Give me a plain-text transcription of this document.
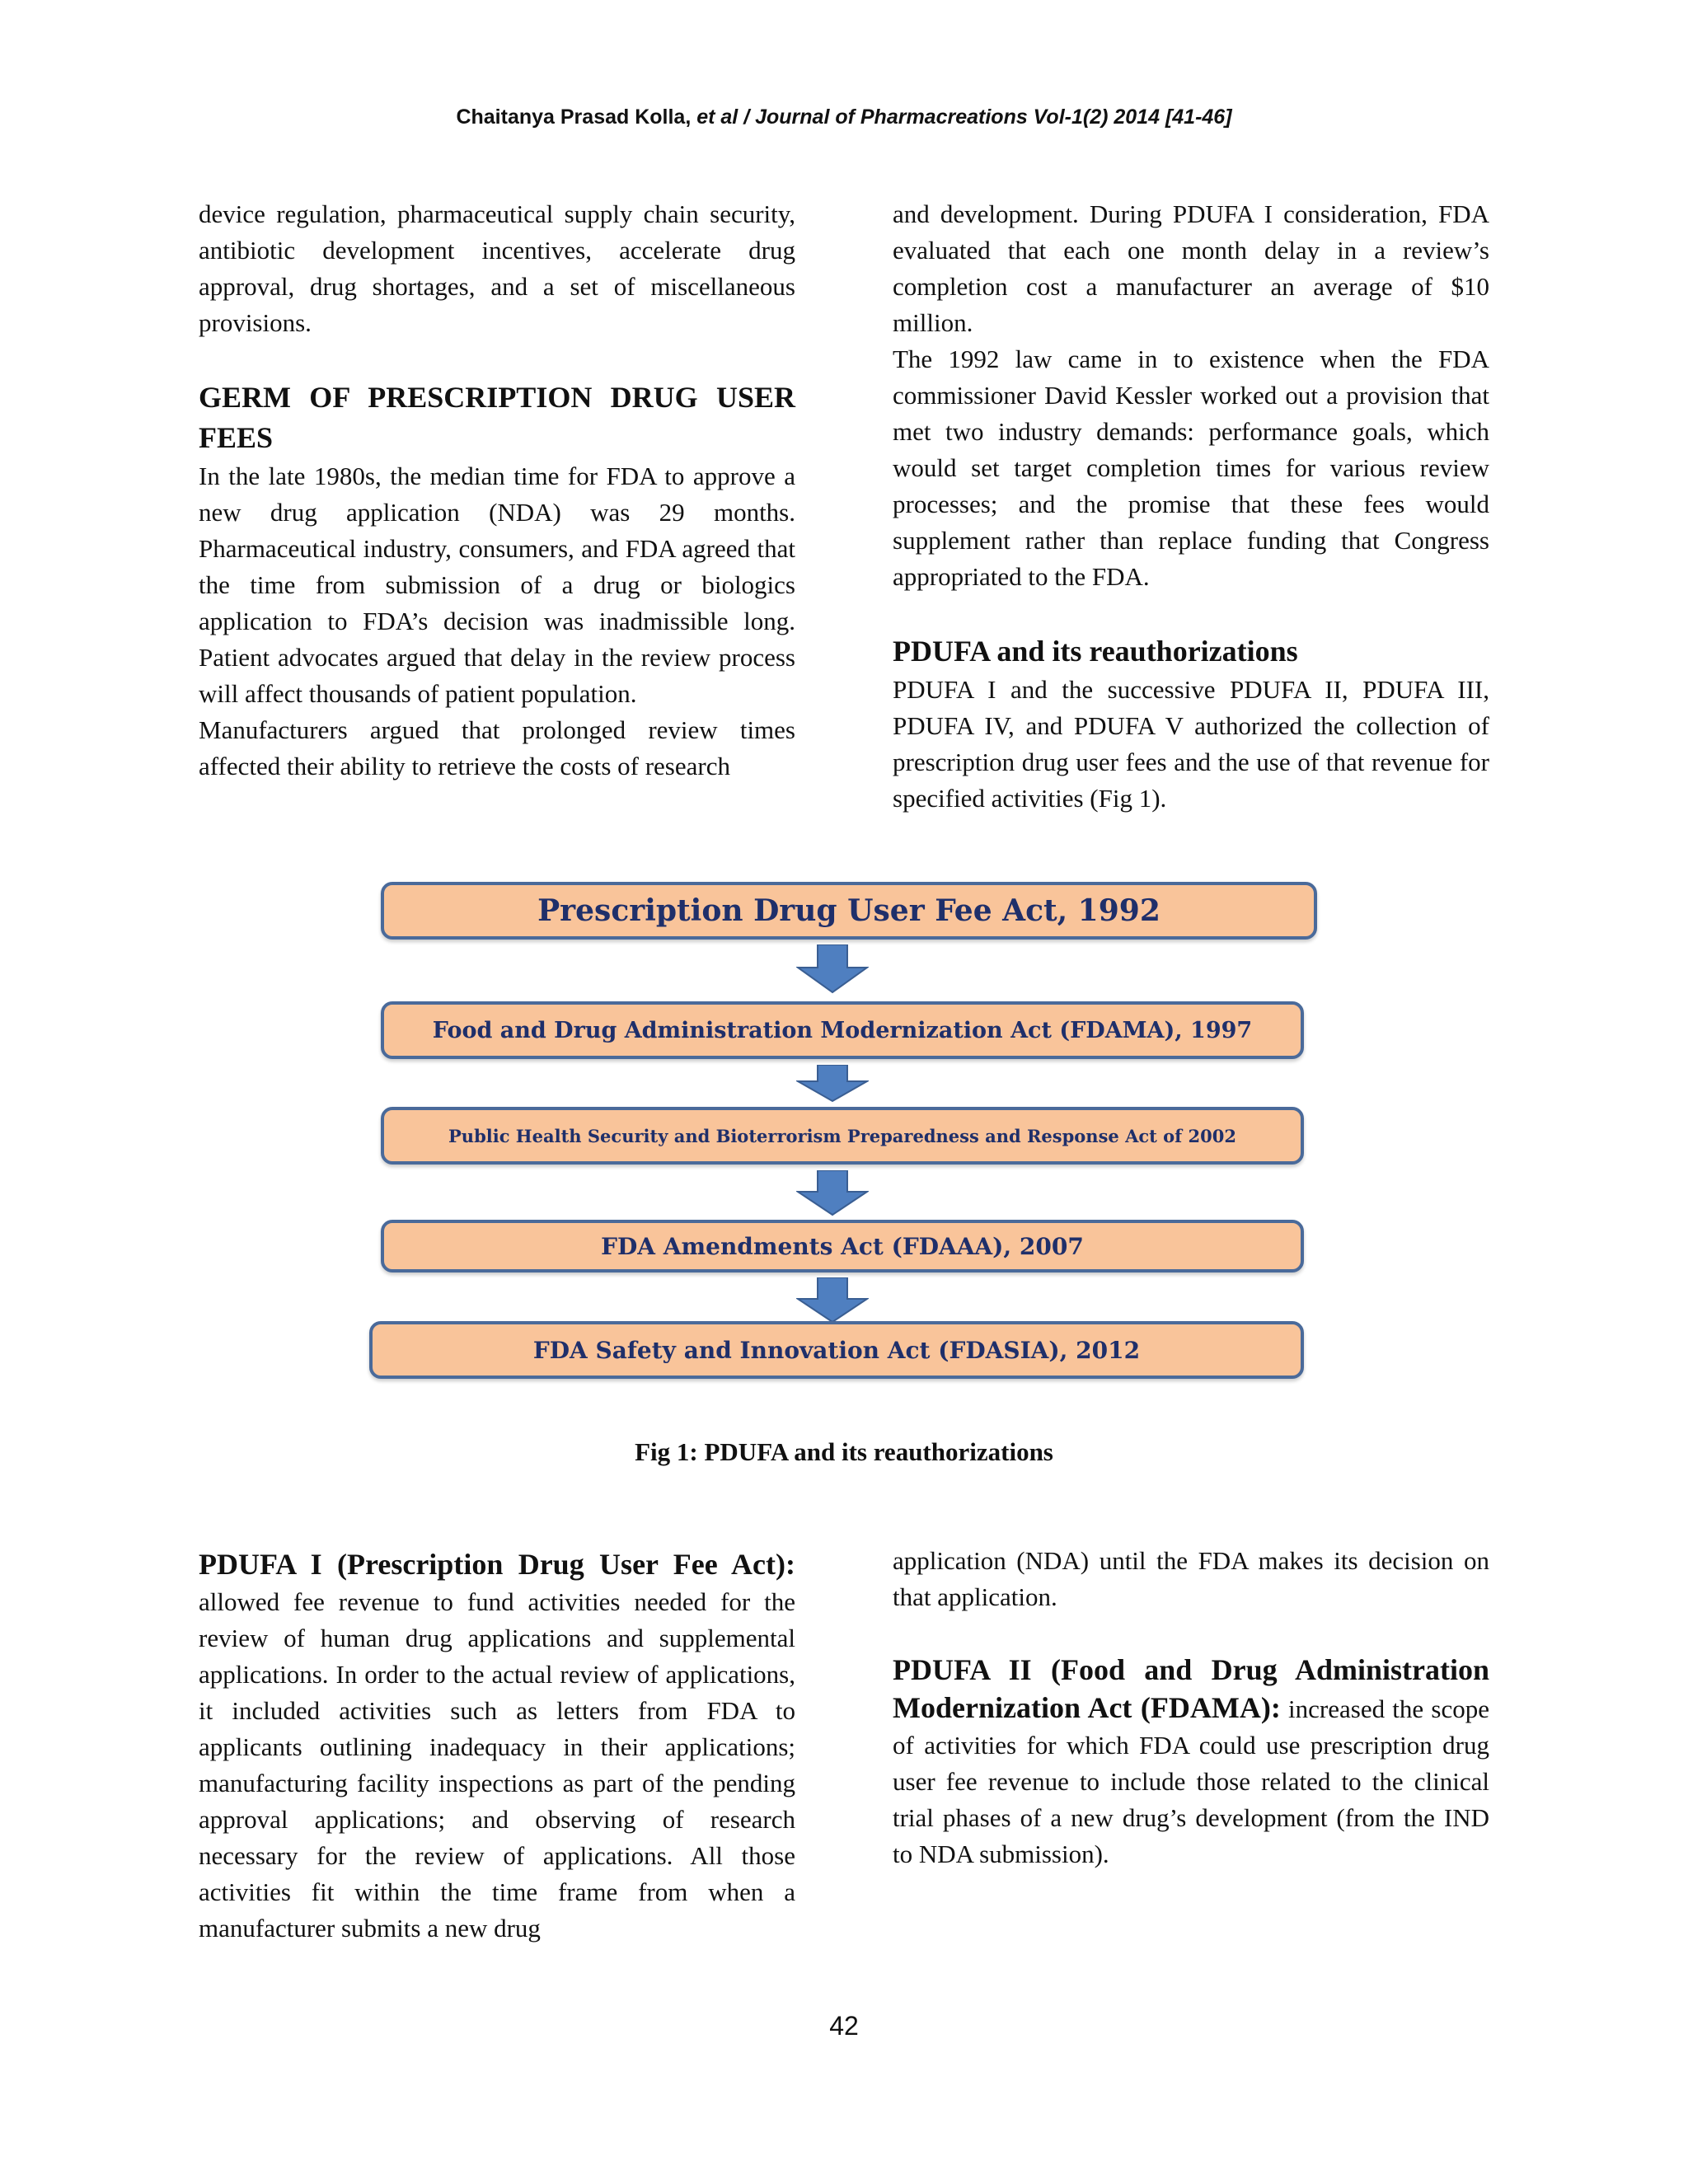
Chaitanya Prasad Kolla, et al / Journal of Pharmacreations Vol-1(2) 2014 [41-46]

device regulation, pharmaceutical supply chain security, antibiotic development incentives, accelerate drug approval, drug shortages, and a set of miscellaneous provisions.

GERM OF PRESCRIPTION DRUG USER FEES

In the late 1980s, the median time for FDA to approve a new drug application (NDA) was 29 months. Pharmaceutical industry, consumers, and FDA agreed that the time from submission of a drug or biologics application to FDA’s decision was inadmissible long. Patient advocates argued that delay in the review process will affect thousands of patient population.

Manufacturers argued that prolonged review times affected their ability to retrieve the costs of research

and development. During PDUFA I consideration, FDA evaluated that each one month delay in a review’s completion cost a manufacturer an average of $10 million.

The 1992 law came in to existence when the FDA commissioner David Kessler worked out a provision that met two industry demands: performance goals, which would set target completion times for various review processes; and the promise that these fees would supplement rather than replace funding that Congress appropriated to the FDA.

PDUFA and its reauthorizations

PDUFA I and the successive PDUFA II, PDUFA III, PDUFA IV, and PDUFA V authorized the collection of prescription drug user fees and the use of that revenue for specified activities (Fig 1).

Prescription Drug User Fee Act, 1992
Food and Drug Administration Modernization Act (FDAMA), 1997
Public Health Security and Bioterrorism Preparedness and Response Act of 2002
FDA Amendments Act (FDAAA), 2007
FDA Safety and Innovation Act (FDASIA), 2012
Fig 1: PDUFA and its reauthorizations

PDUFA I (Prescription Drug User Fee Act): allowed fee revenue to fund activities needed for the review of human drug applications and supplemental applications. In order to the actual review of applications, it included activities such as letters from FDA to applicants outlining inadequacy in their applications; manufacturing facility inspections as part of the pending approval applications; and observing of research necessary for the review of applications. All those activities fit within the time frame from when a manufacturer submits a new drug

application (NDA) until the FDA makes its decision on that application.

PDUFA II (Food and Drug Administration Modernization Act (FDAMA): increased the scope of activities for which FDA could use prescription drug user fee revenue to include those related to the clinical trial phases of a new drug’s development (from the IND to NDA submission).

42
